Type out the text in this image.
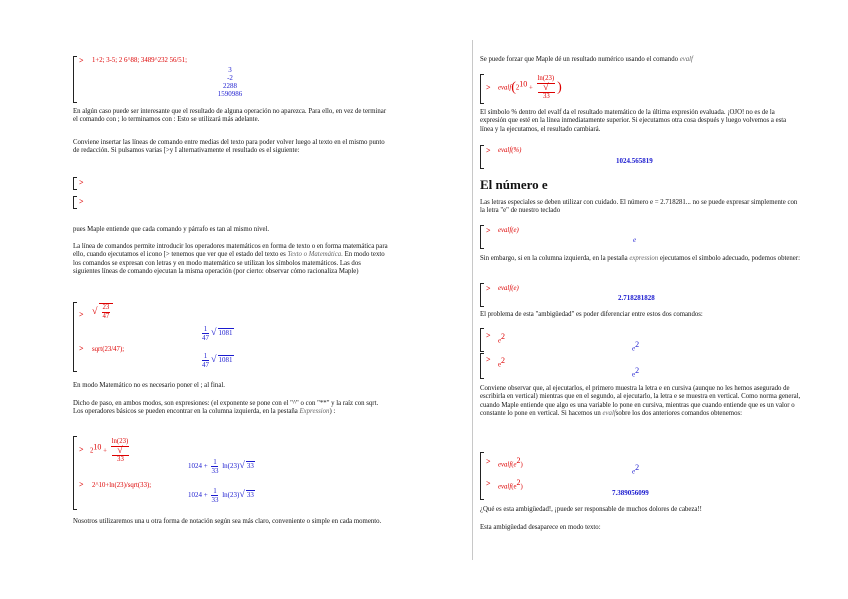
> 1+2; 3-5; 2 6^88; 3489^232 56/51;
3
-2
2288
1590986
En algún caso puede ser interesante que el resultado de alguna operación no aparezca. Para ello, en vez de terminar el comando con ; lo terminamos con : Esto se utilizará más adelante.
Conviene insertar las líneas de comando entre medias del texto para poder volver luego al texto en el mismo punto de redacción. Si pulsamos varias [>y I alternativamente el resultado es el siguiente:
>
>
pues Maple entiende que cada comando y párrafo es tan al mismo nivel.
La línea de comandos permite introducir los operadores matemáticos en forma de texto o en forma matemática para ello, cuando ejecutamos el icono [> tenemos que ver que el estado del texto es Texto o Matemática. En modo texto los comandos se expresan con letras y en modo matemático se utilizan los símbolos matemáticos. Las dos siguientes líneas de comando ejecutan la misma operación (por cierto: observar cómo racionaliza Maple)
> √ $\frac{23}{47}$
$\frac{1}{47}$ √ 1081
> sqrt(23/47);
$\frac{1}{47}$ √ 1081
En modo Matemático no es necesario poner el ; al final.
Dicho de paso, en ambos modos, son expresiones: (el exponente se pone con el "^" o con "**" y la raíz con sqrt. Los operadores básicos se pueden encontrar en la columna izquierda, en la pestaña Expression) :
> 210 + ln(23)
√
33
$1024 + \frac{1}{33} \ln(23)√$ 33
> 2^10+ln(23)/sqrt(33);
$1024 + \frac{1}{33} \ln(23)√$ 33
Nosotros utilizaremos una u otra forma de notación según sea más claro, conveniente o simple en cada momento.
Se puede forzar que Maple dé un resultado numérico usando el comando evalf
> evalf(210 + ln(23)
√
33 )
El símbolo % dentro del evalf da el resultado matemático de la última expresión evaluada. ¡OJO! no es de la expresión que esté en la línea inmediatamente superior. Si ejecutamos otra cosa después y luego volvemos a esta línea y la ejecutamos, el resultado cambiará.
> evalf(%)
1024.565819
El número e
Las letras especiales se deben utilizar con cuidado. El número e = 2.718281... no se puede expresar simplemente con la letra "e" de nuestro teclado
> evalf(e)
e
Sin embargo, si en la columna izquierda, en la pestaña expression ejecutamos el símbolo adecuado, podemos obtener:
> evalf(e)
2.718281828
El problema de esta "ambigüedad" es poder diferenciar entre estos dos comandos:
>
e2
e2
>
e2
e2
Conviene observar que, al ejecutarlos, el primero muestra la letra e en cursiva (aunque no les hemos asegurado de escribirla en vertical) mientras que en el segundo, al ejecutarlo, la letra e se muestra en vertical. Como norma general, cuando Maple entiende que algo es una variable lo pone en cursiva, mientras que cuando entiende que es un valor o constante lo pone en vertical. Si hacemos un evalfsobre los dos anteriores comandos obtenemos:
> evalf(e2)
e2
> evalf(e2)
7.389056099
¿Qué es esta ambigüedad!, ¡puede ser responsable de muchos dolores de cabeza!!
Esta ambigüedad desaparece en modo texto:
